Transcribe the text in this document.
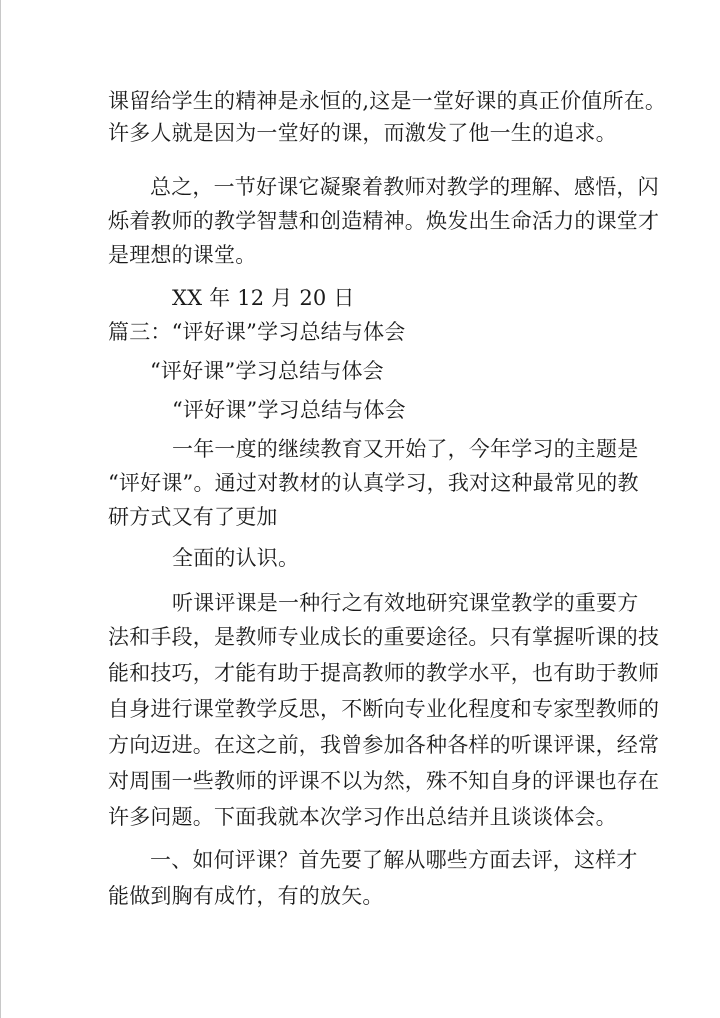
课留给学生的精神是永恒的,这是一堂好课的真正价值所在。
许多人就是因为一堂好的课，而激发了他一生的追求。
总之，一节好课它凝聚着教师对教学的理解、感悟，闪
烁着教师的教学智慧和创造精神。焕发出生命活力的课堂才
是理想的课堂。
XX 年 12 月 20 日
篇三：“评好课”学习总结与体会
“评好课”学习总结与体会
“评好课”学习总结与体会
一年一度的继续教育又开始了，今年学习的主题是
“评好课”。通过对教材的认真学习，我对这种最常见的教
研方式又有了更加
全面的认识。
听课评课是一种行之有效地研究课堂教学的重要方
法和手段，是教师专业成长的重要途径。只有掌握听课的技
能和技巧，才能有助于提高教师的教学水平，也有助于教师
自身进行课堂教学反思，不断向专业化程度和专家型教师的
方向迈进。在这之前，我曾参加各种各样的听课评课，经常
对周围一些教师的评课不以为然，殊不知自身的评课也存在
许多问题。下面我就本次学习作出总结并且谈谈体会。
一、如何评课？首先要了解从哪些方面去评，这样才
能做到胸有成竹，有的放矢。
